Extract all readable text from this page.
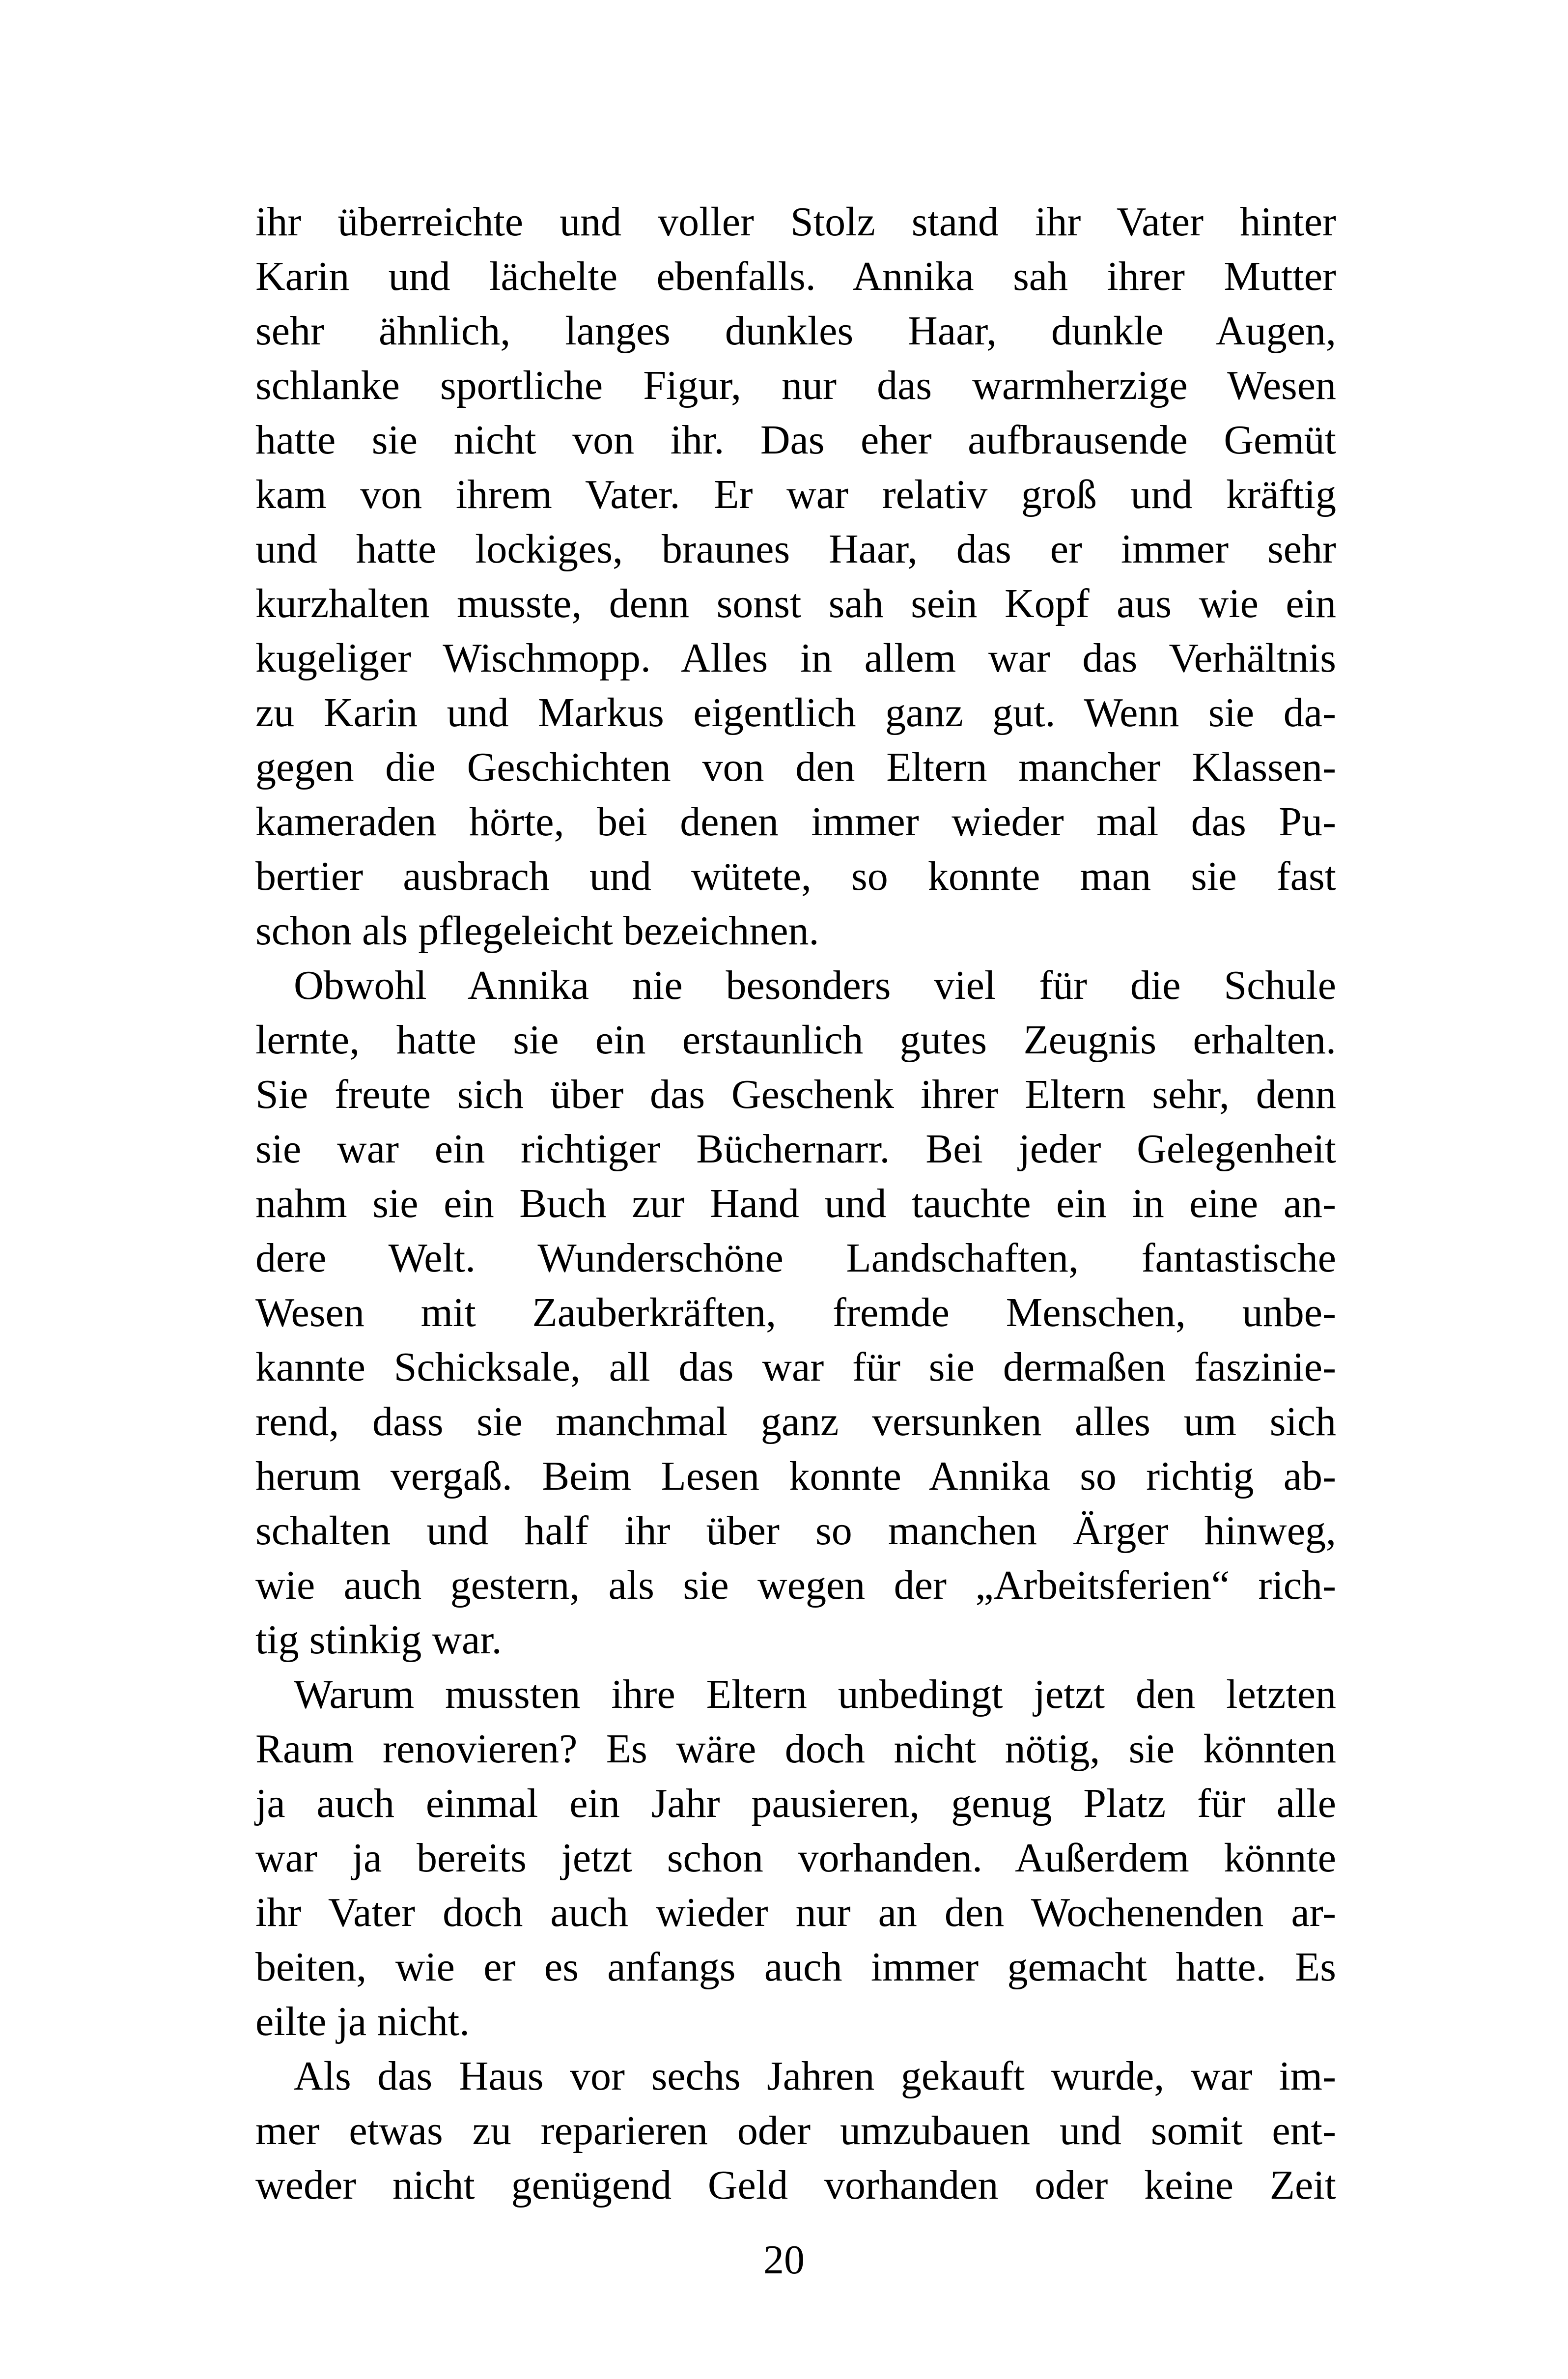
ihr überreichte und voller Stolz stand ihr Vater hinter
Karin und lächelte ebenfalls. Annika sah ihrer Mutter
sehr ähnlich, langes dunkles Haar, dunkle Augen,
schlanke sportliche Figur, nur das warmherzige Wesen
hatte sie nicht von ihr. Das eher aufbrausende Gemüt
kam von ihrem Vater. Er war relativ groß und kräftig
und hatte lockiges, braunes Haar, das er immer sehr
kurzhalten musste, denn sonst sah sein Kopf aus wie ein
kugeliger Wischmopp. Alles in allem war das Verhältnis
zu Karin und Markus eigentlich ganz gut. Wenn sie da-
gegen die Geschichten von den Eltern mancher Klassen-
kameraden hörte, bei denen immer wieder mal das Pu-
bertier ausbrach und wütete, so konnte man sie fast
schon als pflegeleicht bezeichnen.
Obwohl Annika nie besonders viel für die Schule
lernte, hatte sie ein erstaunlich gutes Zeugnis erhalten.
Sie freute sich über das Geschenk ihrer Eltern sehr, denn
sie war ein richtiger Büchernarr. Bei jeder Gelegenheit
nahm sie ein Buch zur Hand und tauchte ein in eine an-
dere Welt. Wunderschöne Landschaften, fantastische
Wesen mit Zauberkräften, fremde Menschen, unbe-
kannte Schicksale, all das war für sie dermaßen faszinie-
rend, dass sie manchmal ganz versunken alles um sich
herum vergaß. Beim Lesen konnte Annika so richtig ab-
schalten und half ihr über so manchen Ärger hinweg,
wie auch gestern, als sie wegen der „Arbeitsferien“ rich-
tig stinkig war.
Warum mussten ihre Eltern unbedingt jetzt den letzten
Raum renovieren? Es wäre doch nicht nötig, sie könnten
ja auch einmal ein Jahr pausieren, genug Platz für alle
war ja bereits jetzt schon vorhanden. Außerdem könnte
ihr Vater doch auch wieder nur an den Wochenenden ar-
beiten, wie er es anfangs auch immer gemacht hatte. Es
eilte ja nicht.
Als das Haus vor sechs Jahren gekauft wurde, war im-
mer etwas zu reparieren oder umzubauen und somit ent-
weder nicht genügend Geld vorhanden oder keine Zeit
20
